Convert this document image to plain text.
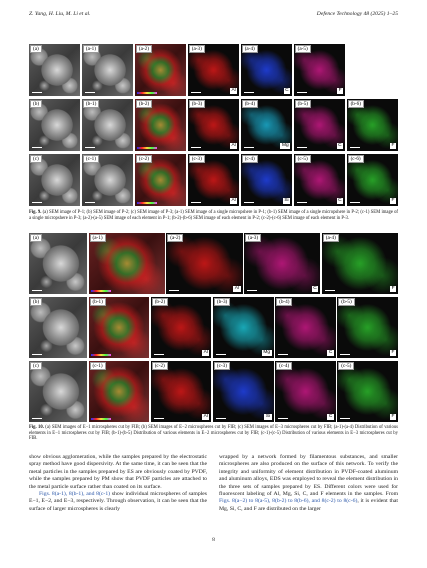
Z. Yang, H. Liu, M. Li et al.	Defence Technology 48 (2025) 1–25
(a)	(a-1)	(a-2)	(a-3)
Al
(a-4)
C
(a-5)
F
(b)	(b-1)	(b-2)	(b-3)
Al
(b-4)
Mg
(b-5)
C
(b-6)
F
(c)	(c-1)	(c-2)	(c-3)
Al
(c-4)
Si
(c-5)
C
(c-6)
F
Fig. 9. (a) SEM image of P-1; (b) SEM image of P-2; (c) SEM image of P-3; (a-1) SEM image of a single micropshere in P-1; (b-1) SEM image of a single micropshere in P-2; (c-1) SEM image of a single micropshere in P-3; (a-2)-(a-5) SEM image of each element in P-1; (b-2)-(b-6) SEM image of each element in P-2; (c-2)-(c-6) SEM image of each element in P-3.
(a)	(a-1)	(a-2)
Al
(a-3)
C
(a-4)
F
(b)	(b-1)	(b-2)
Al
(b-3)
Mg
(b-4)
C
(b-5)
F
(c)	(c-1)	(c-2)
Al
(c-3)
Si
(c-4)
C
(c-5)
F
Fig. 10. (a) SEM images of E−1 microspheres cut by FIB; (b) SEM images of E−2 microspheres cut by FIB; (c) SEM images of E−3 microspheres cut by FIB; (a-1)-(a-4) Distribution of various elements in E−1 microspheres cut by FIB; (b-1)-(b-5) Distribution of various elements in E−2 microspheres cut by FIB; (c-1)-(c-5) Distribution of various elements in E−3 microspheres cut by FIB.

show obvious agglomeration, while the samples prepared by the electrostatic spray method have good dispersivity. At the same time, it can be seen that the metal particles in the samples prepared by ES are obviously coated by PVDF, while the samples prepared by PM show that PVDF particles are attached to the metal particle surface rather than coated on its surface.

Figs. 8(a-1), 8(b-1), and 8(c-1) show individual microspheres of samples E−1, E−2, and E−3, respectively. Through observation, it can be seen that the surface of larger microspheres is clearly

wrapped by a network formed by filamentous substances, and smaller microspheres are also produced on the surface of this network. To verify the integrity and uniformity of element distribution in PVDF-coated aluminum and aluminum alloys, EDS was employed to reveal the element distribution in the three sets of samples prepared by ES. Different colors were used for fluorescent labeling of Al, Mg, Si, C, and F elements in the samples. From Figs. 8(a−2) to 8(a-5), 8(b-2) to 8(b-6), and 8(c-2) to 8(c-6), it is evident that Mg, Si, C, and F are distributed on the larger

8
